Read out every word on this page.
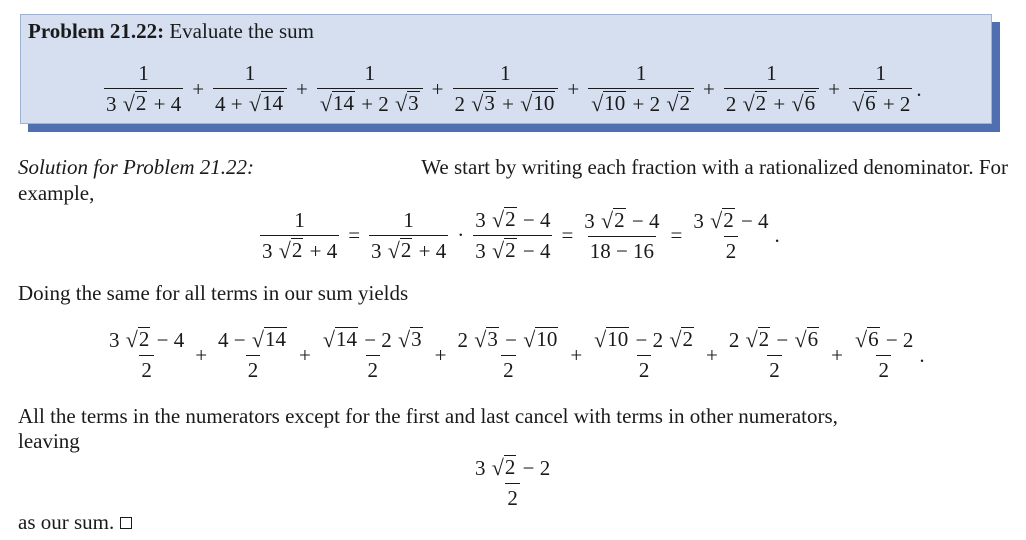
Problem 21.22: Evaluate the sum
$\frac{1}{3 √ 2 + 4} + \frac{1}{4 + √ 14} + \frac{1}{√ 14 + 2 √ 3} + \frac{1}{2 √ 3 + √ 10} + \frac{1}{√ 10 + 2 √ 2} + \frac{1}{2 √ 2 + √ 6} + \frac{1}{√ 6 + 2}$ .
Solution for Problem 21.22:	We start by writing each fraction with a rationalized denominator. For
example,
$\frac{1}{3 √ 2 + 4} = \frac{1}{3 √ 2 + 4} \cdot \frac{3 √ 2 - 4}{3 √ 2 - 4} = \frac{3 √ 2 - 4}{18 - 16} = \frac{3 √ 2 - 4}{2}$ .
Doing the same for all terms in our sum yields
$\frac{3 √ 2 - 4}{2} + \frac{4 - √ 14}{2} + \frac{√ 14 - 2 √ 3}{2} + \frac{2 √ 3 - √ 10}{2} + \frac{√ 10 - 2 √ 2}{2} + \frac{2 √ 2 - √ 6}{2} + \frac{√ 6 - 2}{2}$ .
All the terms in the numerators except for the first and last cancel with terms in other numerators,
leaving
$\frac{3 √ 2 - 2}{2}$
as our sum.
